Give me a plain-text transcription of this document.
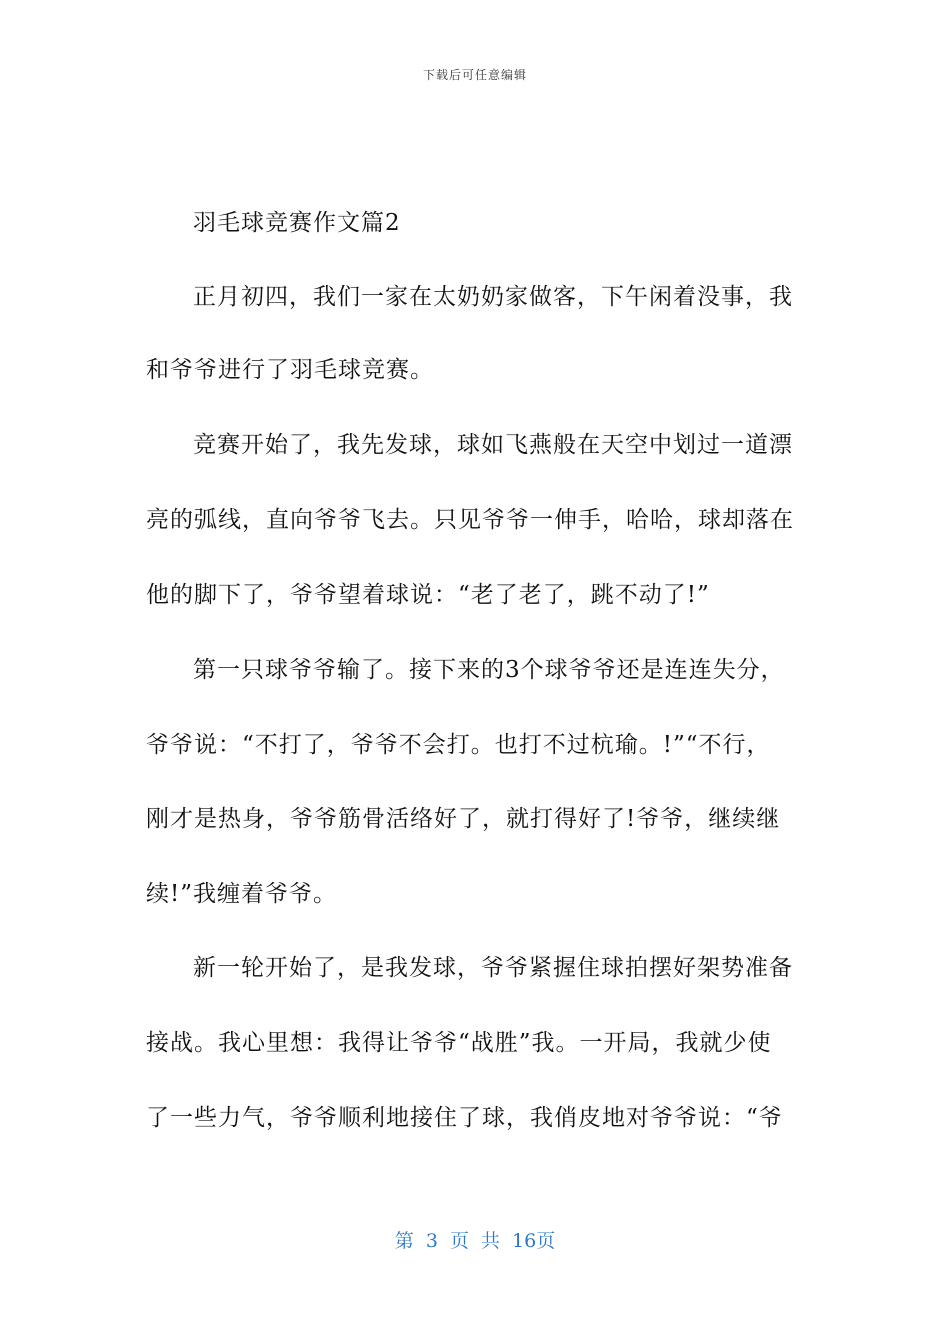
下载后可任意编辑
羽毛球竞赛作文篇2
正月初四，我们一家在太奶奶家做客，下午闲着没事，我
和爷爷进行了羽毛球竞赛。
竞赛开始了，我先发球，球如飞燕般在天空中划过一道漂
亮的弧线，直向爷爷飞去。只见爷爷一伸手，哈哈，球却落在
他的脚下了，爷爷望着球说：“老了老了，跳不动了!”
第一只球爷爷输了。接下来的3个球爷爷还是连连失分，
爷爷说：“不打了，爷爷不会打。也打不过杭瑜。!”“不行，
刚才是热身，爷爷筋骨活络好了，就打得好了!爷爷，继续继
续!”我缠着爷爷。
新一轮开始了，是我发球，爷爷紧握住球拍摆好架势准备
接战。我心里想：我得让爷爷“战胜”我。一开局，我就少使
了一些力气，爷爷顺利地接住了球，我俏皮地对爷爷说：“爷
第 3 页 共 16页
